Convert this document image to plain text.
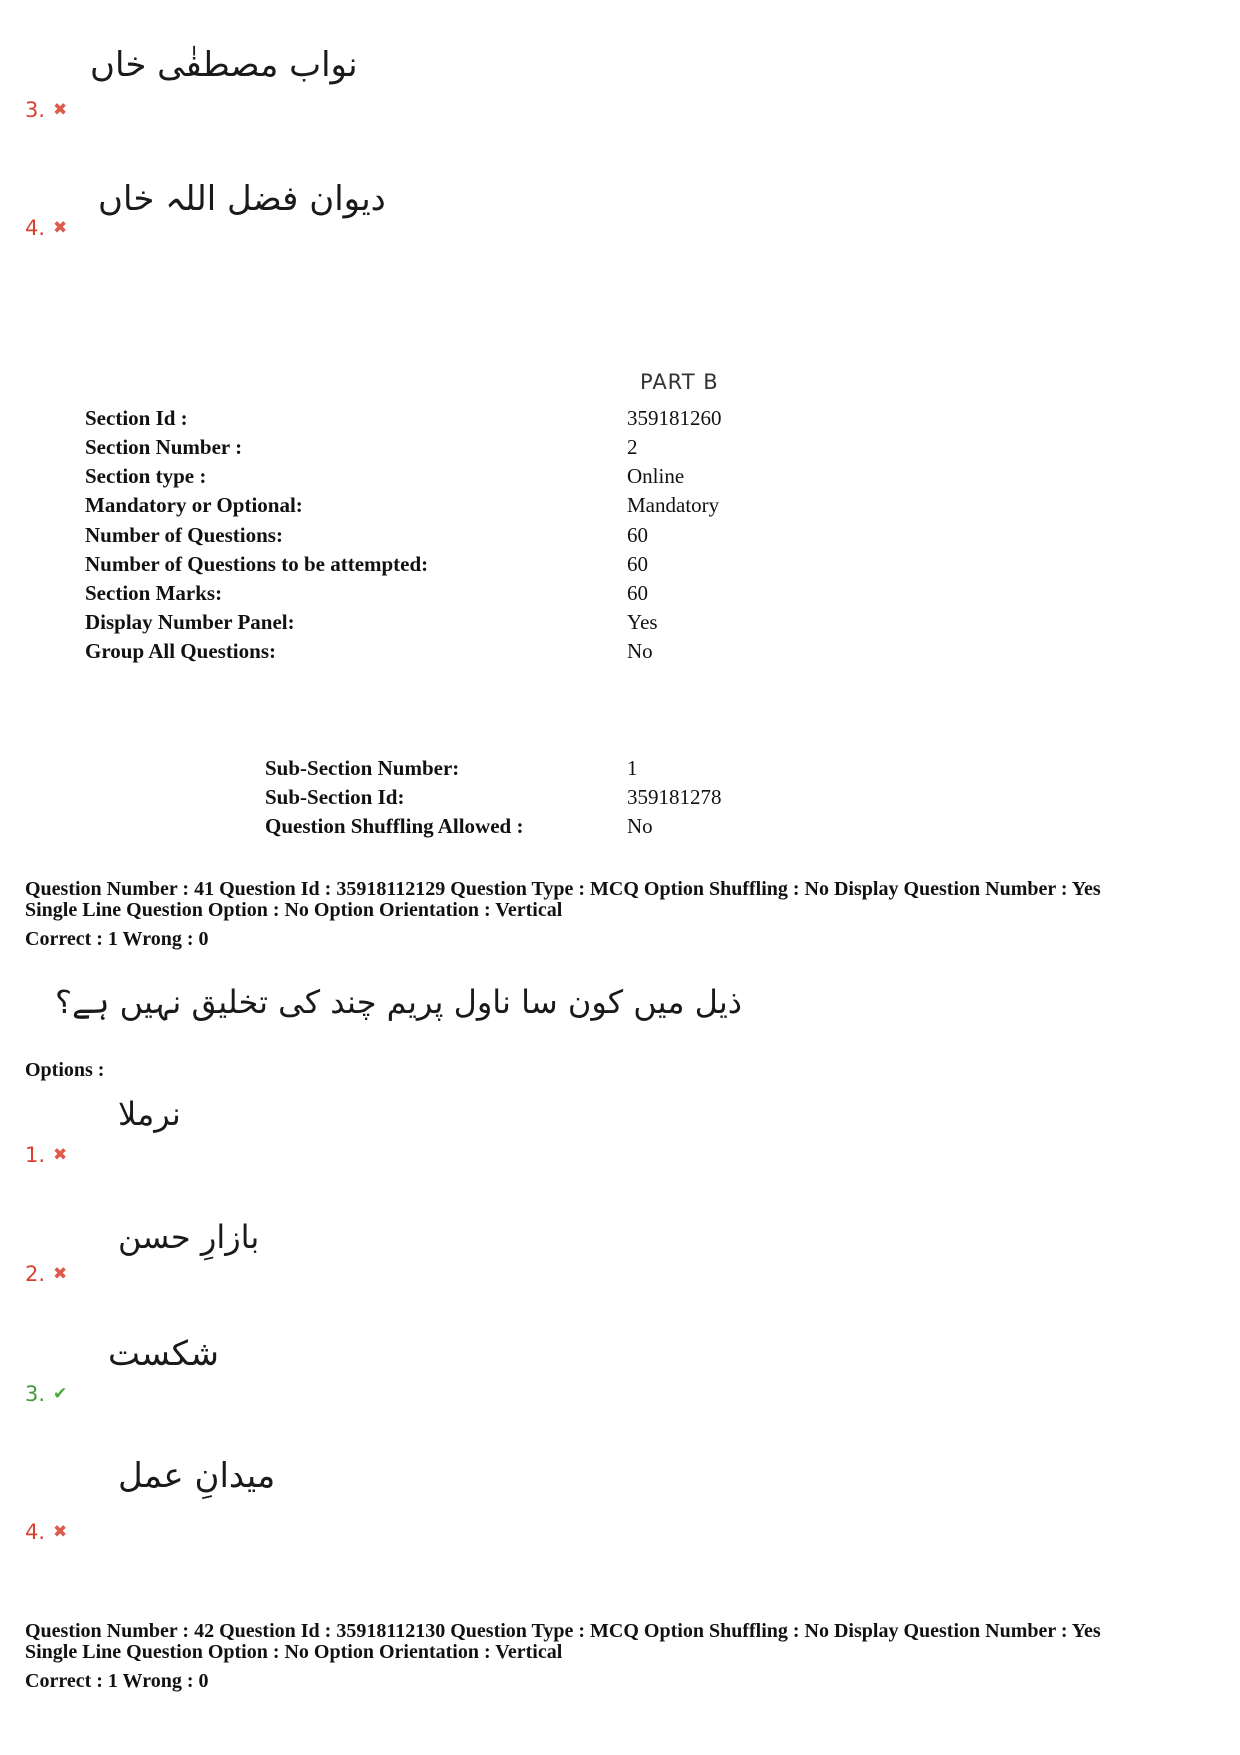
نواب مصطفٰی خاں
3. ✖
دیوان فضل اللہ خاں
4. ✖
PART B
Section Id :	359181260
Section Number :	2
Section type :	Online
Mandatory or Optional:	Mandatory
Number of Questions:	60
Number of Questions to be attempted:	60
Section Marks:	60
Display Number Panel:	Yes
Group All Questions:	No
Sub-Section Number:	1
Sub-Section Id:	359181278
Question Shuffling Allowed :	No
Question Number : 41 Question Id : 35918112129 Question Type : MCQ Option Shuffling : No Display Question Number : Yes
Single Line Question Option : No Option Orientation : Vertical
Correct : 1 Wrong : 0
ذیل میں کون سا ناول پریم چند کی تخلیق نہیں ہے؟
Options :
نرملا
1. ✖
بازارِ حسن
2. ✖
شکست
3. ✔
میدانِ عمل
4. ✖
Question Number : 42 Question Id : 35918112130 Question Type : MCQ Option Shuffling : No Display Question Number : Yes
Single Line Question Option : No Option Orientation : Vertical
Correct : 1 Wrong : 0
